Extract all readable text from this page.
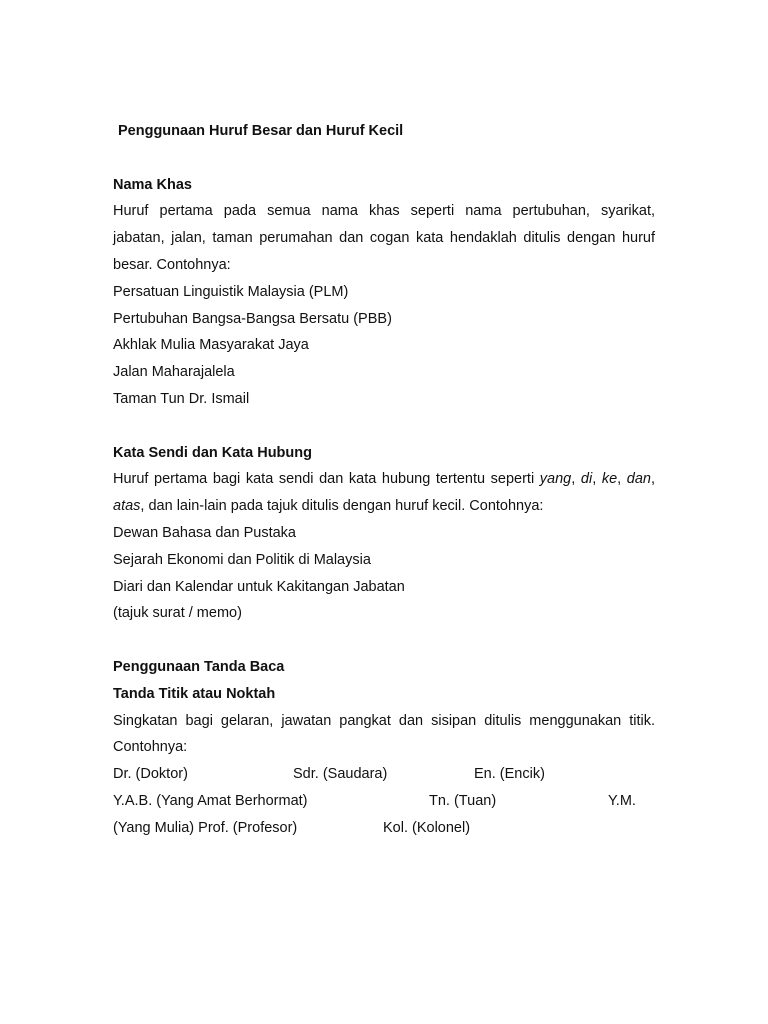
Penggunaan Huruf Besar dan Huruf Kecil

Nama Khas

Huruf pertama pada semua nama khas seperti nama pertubuhan, syarikat,

jabatan, jalan, taman perumahan dan cogan kata hendaklah ditulis dengan huruf

besar. Contohnya:

Persatuan Linguistik Malaysia (PLM)

Pertubuhan Bangsa-Bangsa Bersatu (PBB)

Akhlak Mulia Masyarakat Jaya

Jalan Maharajalela

Taman Tun Dr. Ismail

Kata Sendi dan Kata Hubung

Huruf pertama bagi kata sendi dan kata hubung tertentu seperti yang, di, ke, dan,

atas, dan lain-lain pada tajuk ditulis dengan huruf kecil. Contohnya:

Dewan Bahasa dan Pustaka

Sejarah Ekonomi dan Politik di Malaysia

Diari dan Kalendar untuk Kakitangan Jabatan

(tajuk surat / memo)

Penggunaan Tanda Baca

Tanda Titik atau Noktah

Singkatan bagi gelaran, jawatan pangkat dan sisipan ditulis menggunakan titik.

Contohnya:

Dr. (Doktor)	Sdr. (Saudara)	En. (Encik)
Y.A.B. (Yang Amat Berhormat)	Tn. (Tuan)	Y.M.
(Yang Mulia) Prof. (Profesor)	Kol. (Kolonel)
